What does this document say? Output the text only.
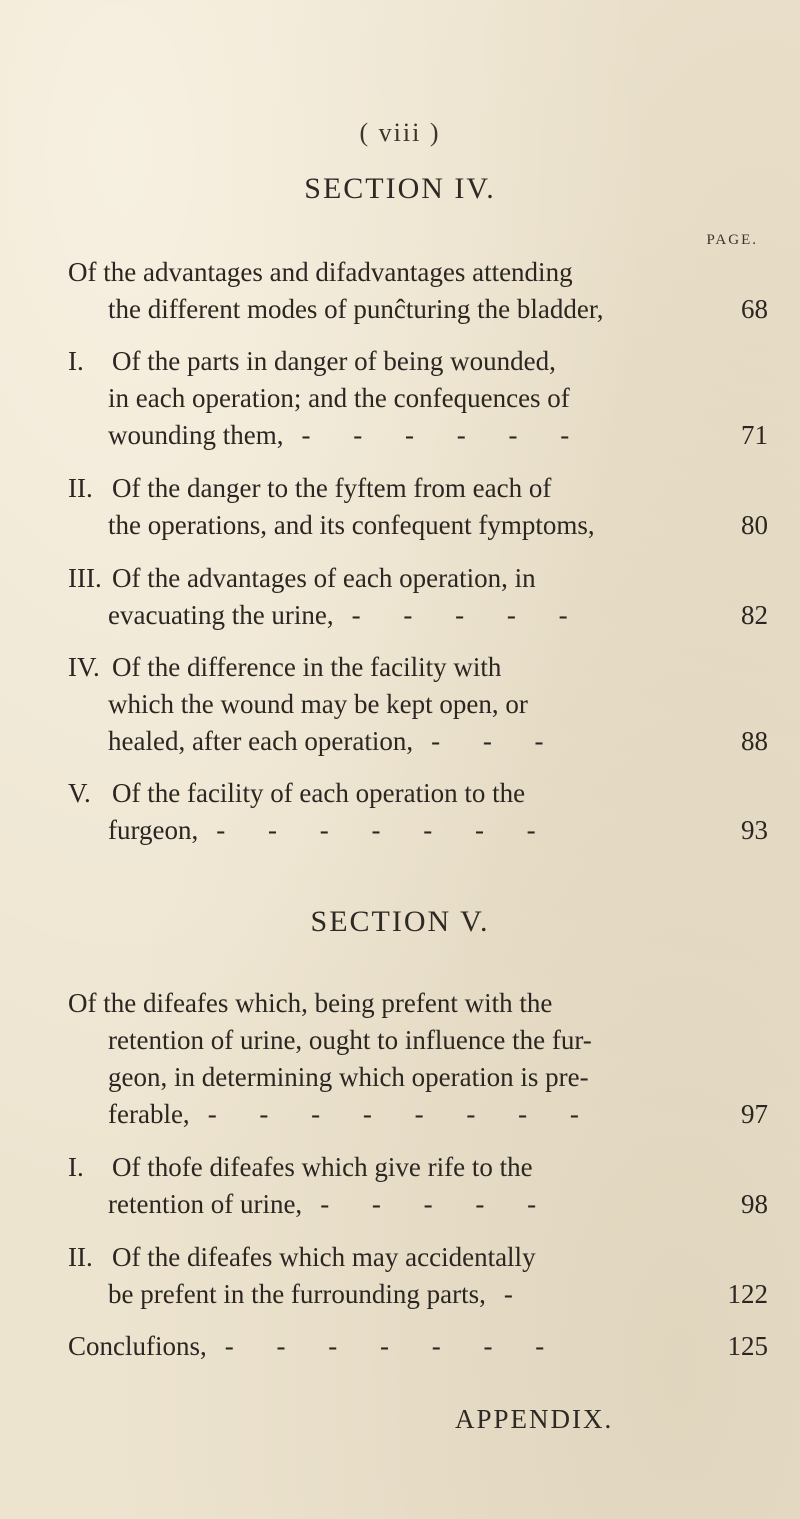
( viii )
SECTION IV.
PAGE.
Of the advantages and difadvantages attending
the different modes of punĉturing the bladder,	68
I. Of the parts in danger of being wounded,
in each operation; and the confequences of
wounding them, - - - - - -	71
II. Of the danger to the fyftem from each of
the operations, and its confequent fymptoms,	80
III. Of the advantages of each operation, in
evacuating the urine, - - - - -	82
IV. Of the difference in the facility with
which the wound may be kept open, or
healed, after each operation, - - -	88
V. Of the facility of each operation to the
furgeon, - - - - - - -	93
SECTION V.
Of the difeafes which, being prefent with the
retention of urine, ought to influence the fur-
geon, in determining which operation is pre-
ferable, - - - - - - - -	97
I. Of thofe difeafes which give rife to the
retention of urine, - - - - -	98
II. Of the difeafes which may accidentally
be prefent in the furrounding parts, -	122
Conclufions, - - - - - - -	125
APPENDIX.
